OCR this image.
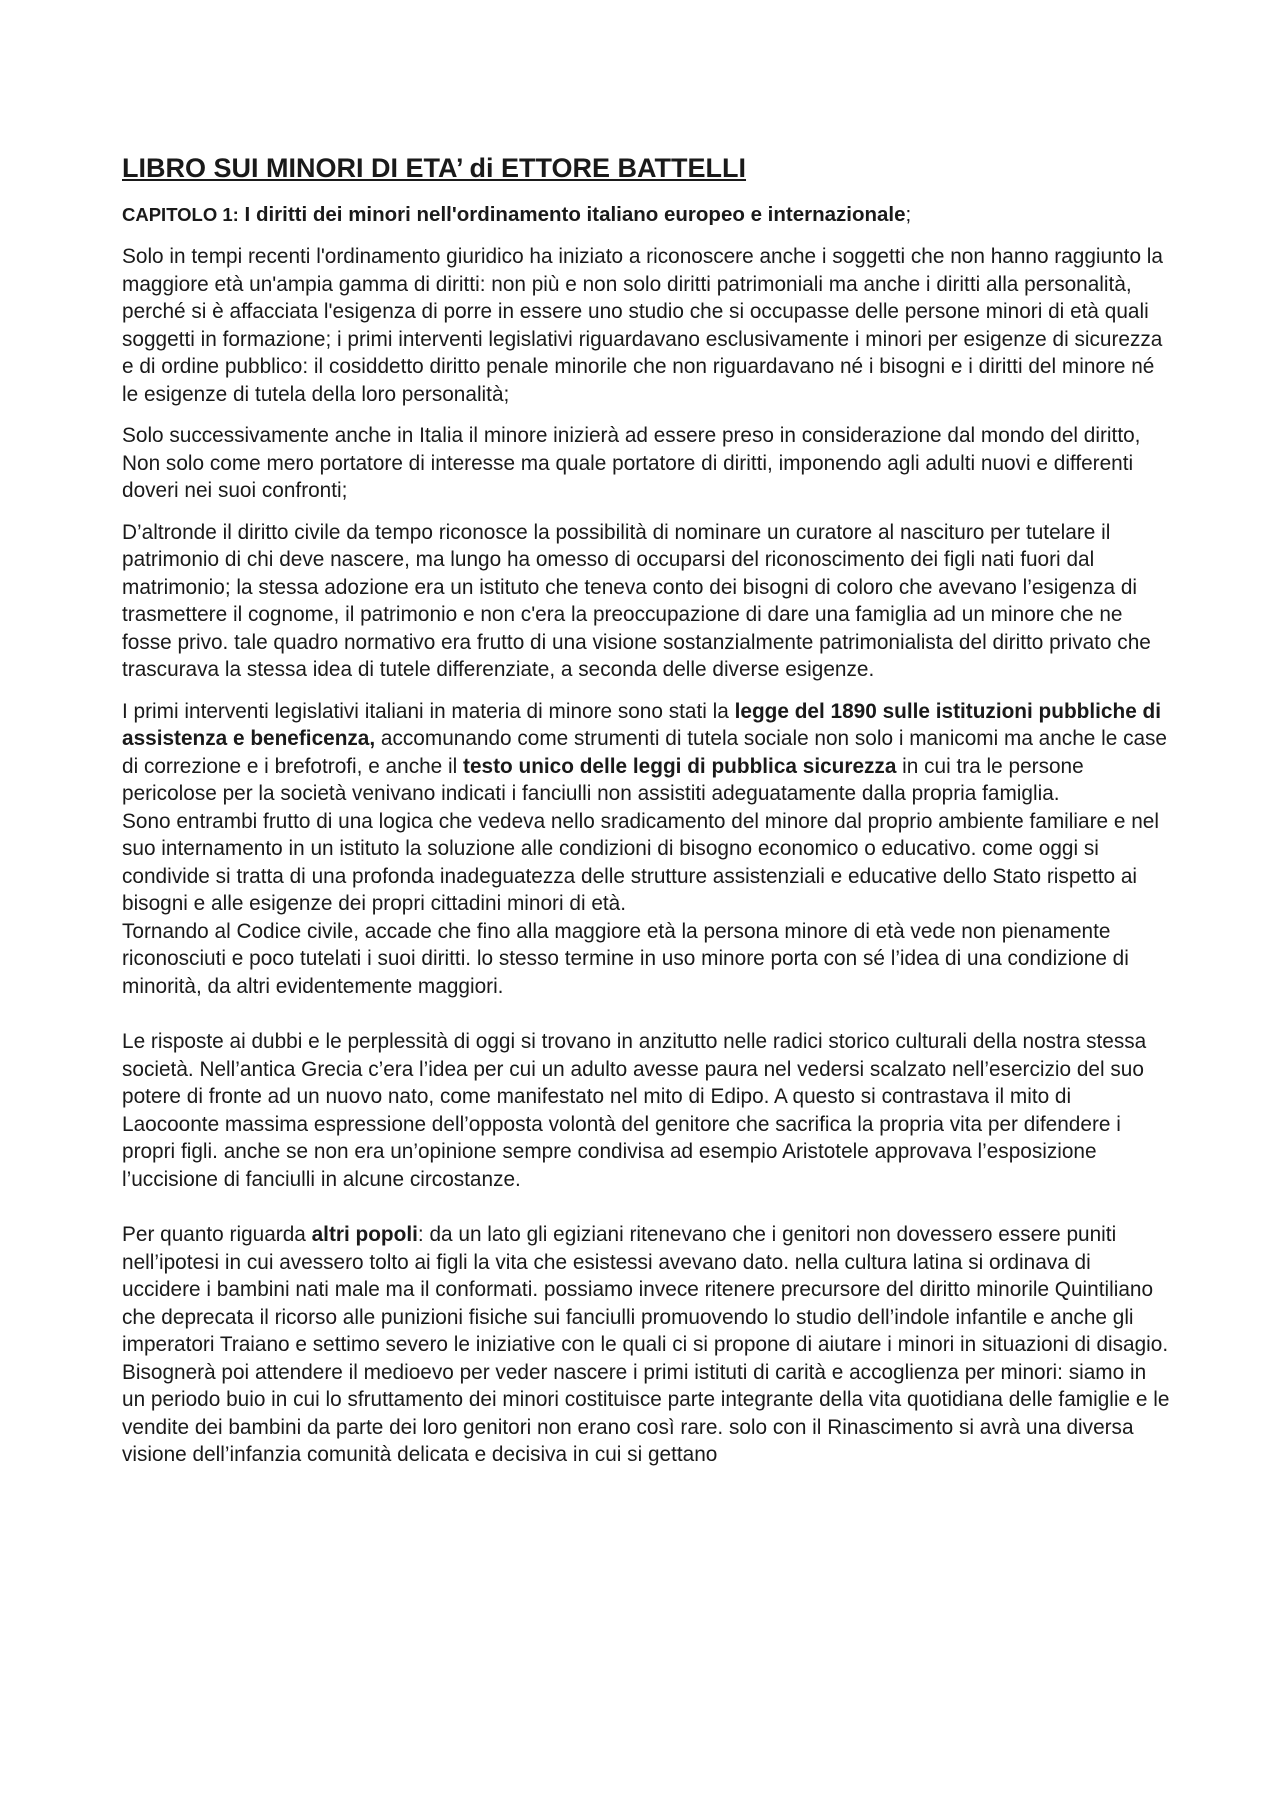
LIBRO SUI MINORI DI ETA’ di ETTORE BATTELLI
CAPITOLO 1: I diritti dei minori nell'ordinamento italiano europeo e internazionale;

Solo in tempi recenti l'ordinamento giuridico ha iniziato a riconoscere anche i soggetti che non hanno raggiunto la maggiore età un'ampia gamma di diritti: non più e non solo diritti patrimoniali ma anche i diritti alla personalità, perché si è affacciata l'esigenza di porre in essere uno studio che si occupasse delle persone minori di età quali soggetti in formazione; i primi interventi legislativi riguardavano esclusivamente i minori per esigenze di sicurezza e di ordine pubblico: il cosiddetto diritto penale minorile che non riguardavano né i bisogni e i diritti del minore né le esigenze di tutela della loro personalità;

Solo successivamente anche in Italia il minore inizierà ad essere preso in considerazione dal mondo del diritto, Non solo come mero portatore di interesse ma quale portatore di diritti, imponendo agli adulti nuovi e differenti doveri nei suoi confronti;

D’altronde il diritto civile da tempo riconosce la possibilità di nominare un curatore al nascituro per tutelare il patrimonio di chi deve nascere, ma lungo ha omesso di occuparsi del riconoscimento dei figli nati fuori dal matrimonio; la stessa adozione era un istituto che teneva conto dei bisogni di coloro che avevano l’esigenza di trasmettere il cognome, il patrimonio e non c'era la preoccupazione di dare una famiglia ad un minore che ne fosse privo. tale quadro normativo era frutto di una visione sostanzialmente patrimonialista del diritto privato che trascurava la stessa idea di tutele differenziate, a seconda delle diverse esigenze.

I primi interventi legislativi italiani in materia di minore sono stati la legge del 1890 sulle istituzioni pubbliche di assistenza e beneficenza, accomunando come strumenti di tutela sociale non solo i manicomi ma anche le case di correzione e i brefotrofi, e anche il testo unico delle leggi di pubblica sicurezza in cui tra le persone pericolose per la società venivano indicati i fanciulli non assistiti adeguatamente dalla propria famiglia.

Sono entrambi frutto di una logica che vedeva nello sradicamento del minore dal proprio ambiente familiare e nel suo internamento in un istituto la soluzione alle condizioni di bisogno economico o educativo. come oggi si condivide si tratta di una profonda inadeguatezza delle strutture assistenziali e educative dello Stato rispetto ai bisogni e alle esigenze dei propri cittadini minori di età.

Tornando al Codice civile, accade che fino alla maggiore età la persona minore di età vede non pienamente riconosciuti e poco tutelati i suoi diritti. lo stesso termine in uso minore porta con sé l’idea di una condizione di minorità, da altri evidentemente maggiori.

Le risposte ai dubbi e le perplessità di oggi si trovano in anzitutto nelle radici storico culturali della nostra stessa società. Nell’antica Grecia c’era l’idea per cui un adulto avesse paura nel vedersi scalzato nell’esercizio del suo potere di fronte ad un nuovo nato, come manifestato nel mito di Edipo. A questo si contrastava il mito di Laocoonte massima espressione dell’opposta volontà del genitore che sacrifica la propria vita per difendere i propri figli. anche se non era un’opinione sempre condivisa ad esempio Aristotele approvava l’esposizione l’uccisione di fanciulli in alcune circostanze.

Per quanto riguarda altri popoli: da un lato gli egiziani ritenevano che i genitori non dovessero essere puniti nell’ipotesi in cui avessero tolto ai figli la vita che esistessi avevano dato. nella cultura latina si ordinava di uccidere i bambini nati male ma il conformati. possiamo invece ritenere precursore del diritto minorile Quintiliano che deprecata il ricorso alle punizioni fisiche sui fanciulli promuovendo lo studio dell’indole infantile e anche gli imperatori Traiano e settimo severo le iniziative con le quali ci si propone di aiutare i minori in situazioni di disagio. Bisognerà poi attendere il medioevo per veder nascere i primi istituti di carità e accoglienza per minori: siamo in un periodo buio in cui lo sfruttamento dei minori costituisce parte integrante della vita quotidiana delle famiglie e le vendite dei bambini da parte dei loro genitori non erano così rare. solo con il Rinascimento si avrà una diversa visione dell’infanzia comunità delicata e decisiva in cui si gettano
